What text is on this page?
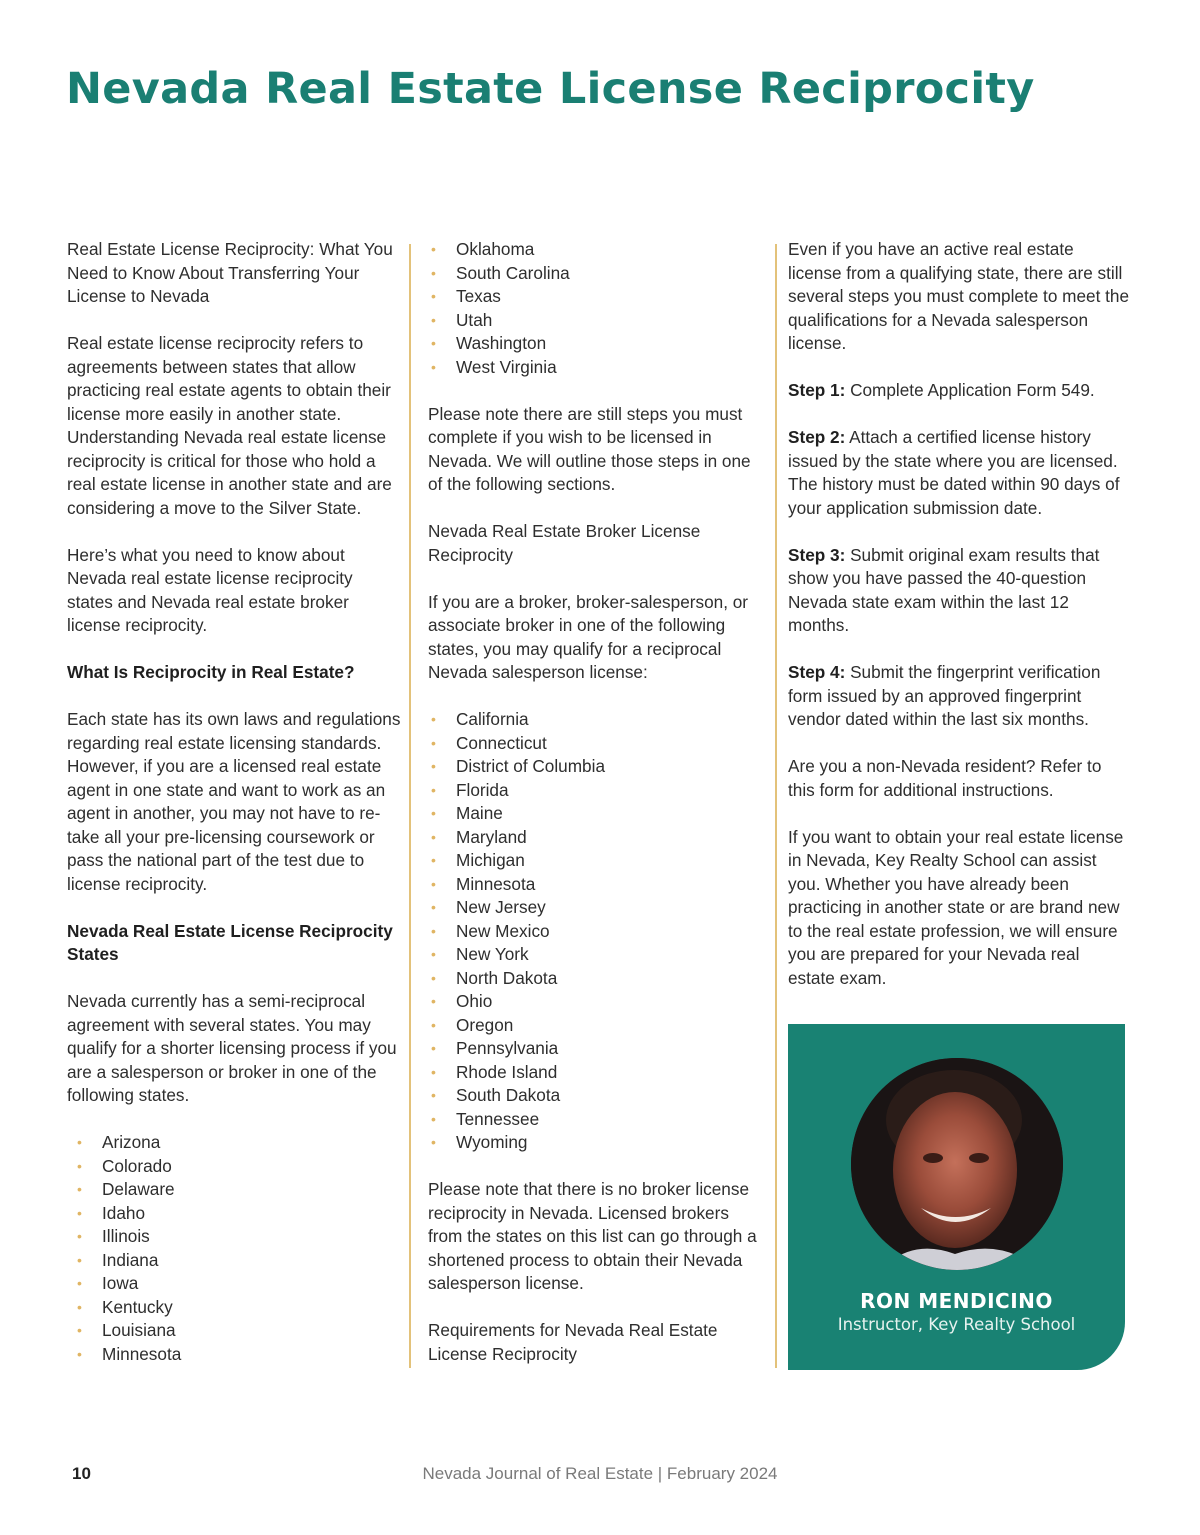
Nevada Real Estate License Reciprocity

Real Estate License Reciprocity: What You Need to Know About Transferring Your License to Nevada

Real estate license reciprocity refers to agreements between states that allow practicing real estate agents to obtain their license more easily in another state. Understanding Nevada real estate license reciprocity is critical for those who hold a real estate license in another state and are considering a move to the Silver State.

Here’s what you need to know about Nevada real estate license reciprocity states and Nevada real estate broker license reciprocity.

What Is Reciprocity in Real Estate?

Each state has its own laws and regulations regarding real estate licensing standards. However, if you are a licensed real estate agent in one state and want to work as an agent in another, you may not have to re-take all your pre-licensing coursework or pass the national part of the test due to license reciprocity.

Nevada Real Estate License Reciprocity States

Nevada currently has a semi-reciprocal agreement with several states. You may qualify for a shorter licensing process if you are a salesperson or broker in one of the following states.

• Arizona
• Colorado
• Delaware
• Idaho
• Illinois
• Indiana
• Iowa
• Kentucky
• Louisiana
• Minnesota
• Oklahoma
• South Carolina
• Texas
• Utah
• Washington
• West Virginia

Please note there are still steps you must complete if you wish to be licensed in Nevada. We will outline those steps in one of the following sections.

Nevada Real Estate Broker License Reciprocity

If you are a broker, broker-salesperson, or associate broker in one of the following states, you may qualify for a reciprocal Nevada salesperson license:

• California
• Connecticut
• District of Columbia
• Florida
• Maine
• Maryland
• Michigan
• Minnesota
• New Jersey
• New Mexico
• New York
• North Dakota
• Ohio
• Oregon
• Pennsylvania
• Rhode Island
• South Dakota
• Tennessee
• Wyoming

Please note that there is no broker license reciprocity in Nevada. Licensed brokers from the states on this list can go through a shortened process to obtain their Nevada salesperson license.

Requirements for Nevada Real Estate License Reciprocity

Even if you have an active real estate license from a qualifying state, there are still several steps you must complete to meet the qualifications for a Nevada salesperson license.

Step 1: Complete Application Form 549.

Step 2: Attach a certified license history issued by the state where you are licensed. The history must be dated within 90 days of your application submission date.

Step 3: Submit original exam results that show you have passed the 40-question Nevada state exam within the last 12 months.

Step 4: Submit the fingerprint verification form issued by an approved fingerprint vendor dated within the last six months.

Are you a non-Nevada resident? Refer to this form for additional instructions.

If you want to obtain your real estate license in Nevada, Key Realty School can assist you. Whether you have already been practicing in another state or are brand new to the real estate profession, we will ensure you are prepared for your Nevada real estate exam.

RON MENDICINO
Instructor, Key Realty School
10	Nevada Journal of Real Estate | February 2024
